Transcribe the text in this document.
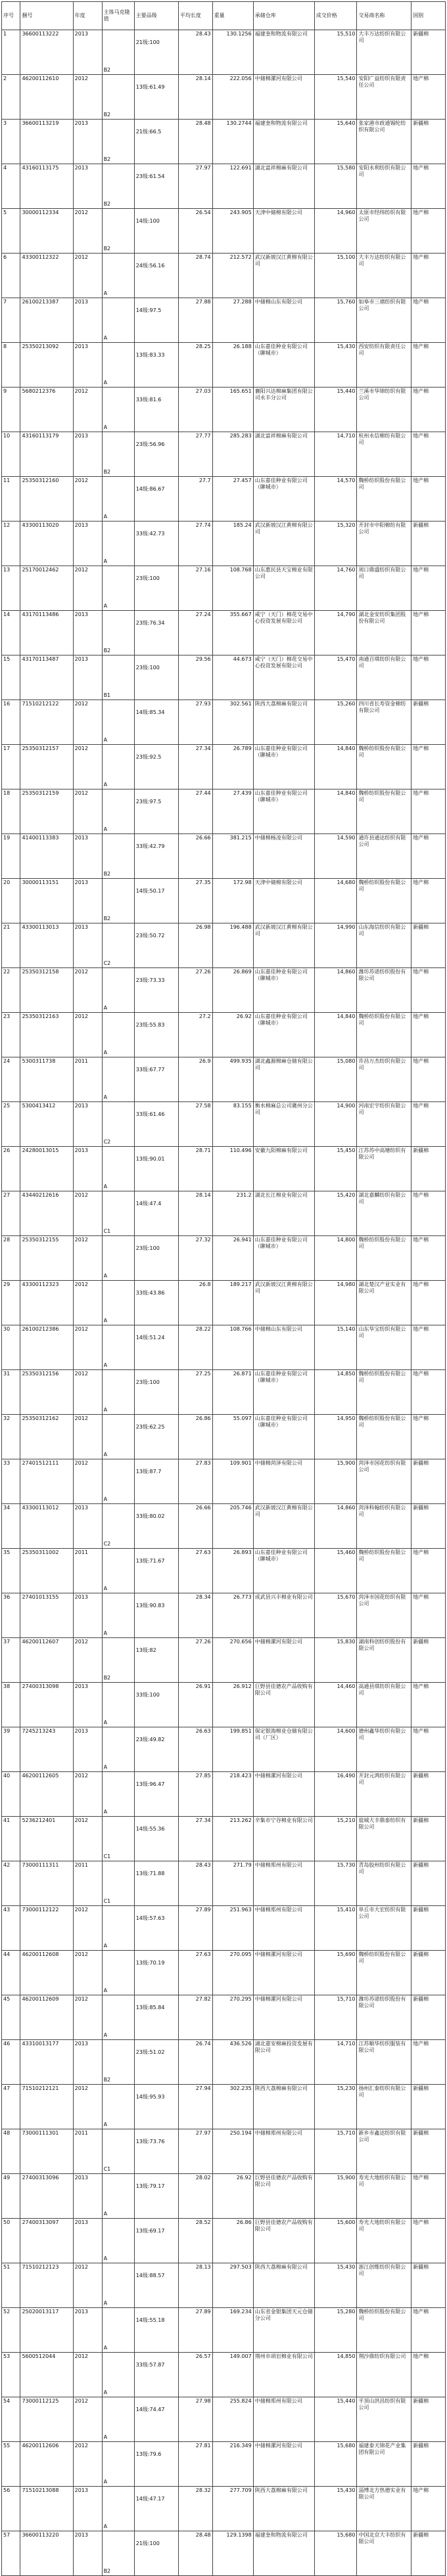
序号	捆号	年度	主体马克隆值	主要品级	平均长度	重量	承储仓库	成交价格	交易商名称	国别
1	36600113222	2013	B2	21级:100	28.43	130.1256	福建奎和物流有限公司	15,510	大丰万达纺织有限公司	新疆棉
2	46200112610	2012	B2	13级:61.49	28.14	222.056	中储棉漯河有限公司	15,540	安阳广益纺织有限责任公司	地产棉
3	36600113219	2013	B2	21级:66.5	28.48	130.2744	福建奎和物流有限公司	15,640	张家港市政通锡纶纺织有限公司	新疆棉
4	43160113175	2013	B2	23级:61.54	27.97	122.691	湖北富祥棉麻有限公司	15,580	安阳永利纺织有限公司	地产棉
5	30000112334	2012	B2	14级:100	26.54	243.905	天津中储棉有限公司	14,960	太原市经纬纺织有限公司	地产棉
6	43300112322	2012	A	24级:56.16	28.74	212.572	武汉新坡汉江黄棉有限公司	15,100	大丰万达纺织有限公司	地产棉
7	26100213387	2013	A	14级:97.5	27.88	27.288	中储棉山东有限公司	15,760	如皋市三禧纺织有限公司	地产棉
8	25350213092	2013	A	13级:83.33	28.25	26.188	山东嘉佳种业有限公司（聊城市）	15,430	西安纺织有限责任公司	地产棉
9	5680212376	2012	A	33级:81.6	27.03	165.651	襄阳兴达棉麻集团有限公司永丰分公司	15,440	兰溪市华锦纺织有限公司	地产棉
10	43160113179	2013	B2	23级:56.96	27.77	285.283	湖北富祥棉麻有限公司	14,710	杭州永信棉纺有限公司	地产棉
11	25350312160	2012	A	14级:86.67	27.7	27.457	山东嘉佳种业有限公司（聊城市）	14,570	魏桥纺织股份有限公司	地产棉
12	43300113020	2013	A	33级:42.73	27.74	185.24	武汉新坡汉江黄棉有限公司	15,320	开封市中阳棉纺有限公司	新疆棉
13	25170012462	2012	A	23级:100	27.16	108.768	山东惠民县天宝棉业有限公司	14,760	周口鼎盛纺织有限公司	地产棉
14	43170113486	2013	B2	23级:76.34	27.24	355.667	咸宁（天门）棉花交易中心投资发展有限公司	14,790	湖北金安纺织集团股份有限公司	地产棉
15	43170113487	2013	B1	23级:100	29.56	44.673	咸宁（天门）棉花交易中心投资发展有限公司	15,470	南通百琪纺织有限公司	地产棉
16	71510212122	2012	A	14级:85.34	27.93	302.561	陕西大荔棉麻有限公司	15,260	四川省长寿资金棉纺有限公司	新疆棉
17	25350312157	2012	A	23级:92.5	27.34	26.789	山东嘉佳种业有限公司（聊城市）	14,840	魏桥纺织股份有限公司	地产棉
18	25350312159	2012	A	23级:97.5	27.44	27.439	山东嘉佳种业有限公司（聊城市）	14,840	魏桥纺织股份有限公司	地产棉
19	41400113383	2013	B2	33级:42.79	26.66	381.215	中储棉杨凌有限公司	14,590	通许县通达纺织有限公司	地产棉
20	30000113151	2013	B2	14级:50.17	27.35	172.98	天津中储棉有限公司	14,680	魏桥纺织股份有限公司	地产棉
21	43300113013	2013	C2	23级:50.72	26.98	196.488	武汉新坡汉江黄棉有限公司	14,990	山东海信纺织有限公司	新疆棉
22	25350312158	2012	A	23级:73.33	27.26	26.869	山东嘉佳种业有限公司（聊城市）	14,860	潍坊苏诺纺织股份有限公司	地产棉
23	25350312163	2012	A	23级:55.83	27.2	26.92	山东嘉佳种业有限公司（聊城市）	14,840	魏桥纺织股份有限公司	地产棉
24	5300311738	2011	A	33级:67.77	26.9	499.935	湖北鑫源棉麻仓储有限公司	15,080	许昌万杰纺织有限公司	地产棉
25	5300413412	2013	C2	33级:61.46	27.58	83.155	衡水棉麻总公司冀州分公司	14,900	河南宏宇纺织有限公司	地产棉
26	24280013015	2013	A	13级:90.01	28.71	110.496	安徽九阳棉麻有限公司	15,450	江苏苏中高塘纺织有限公司	新疆棉
27	43440212616	2012	C1	14级:47.4	28.14	231.2	湖北长江棉业有限公司	15,420	湖北嘉麟纺织有限公司	地产棉
28	25350312155	2012	A	23级:100	27.32	26.941	山东嘉佳种业有限公司（聊城市）	14,800	魏桥纺织股份有限公司	地产棉
29	43300112323	2012	A	33级:43.86	26.8	189.217	武汉新坡汉江黄棉有限公司	14,980	湖北楚汉产业实业有限公司	地产棉
30	26100212386	2012	A	14级:51.24	28.22	108.766	中储棉山东有限公司	15,140	山东华宝纺织有限公司	地产棉
31	25350312156	2012	A	23级:100	27.25	26.871	山东嘉佳种业有限公司（聊城市）	14,850	魏桥纺织股份有限公司	地产棉
32	25350312162	2012	A	23级:62.25	26.86	55.097	山东嘉佳种业有限公司（聊城市）	14,950	魏桥纺织股份有限公司	地产棉
33	27401512111	2012	A	13级:87.7	27.83	109.901	中储棉菏泽有限公司	15,900	菏泽市国花纺织有限公司	新疆棉
34	43300113012	2013	C2	33级:80.02	26.66	205.746	武汉新坡汉江黄棉有限公司	14,860	菏泽科翰纺织有限公司	新疆棉
35	25350311002	2011	A	13级:71.67	27.63	26.893	山东嘉佳种业有限公司（聊城市）	15,460	魏桥纺织股份有限公司	地产棉
36	27401013155	2013	A	13级:90.83	28.34	26.773	成武县兴丰棉业有限公司	15,670	菏泽市国花纺织有限公司	地产棉
37	46200112607	2012	B2	13级:82	27.26	270.656	中储棉漯河有限公司	15,830	湖南科创纺织股份有限公司	新疆棉
38	27400313098	2013	A	33级:100	26.91	26.912	巨野县佳德农产品收购有限公司	14,460	高通县琪纺织有限公司	地产棉
39	7245213243	2013	A	23级:49.82	26.63	199.851	保定银海棉业仓储有限公司（厂区）	14,600	德州鑫华纺织有限公司	地产棉
40	46200112605	2012	A	13级:96.47	27.85	218.423	中储棉漯河有限公司	16,490	开封元鸿纺织有限公司	新疆棉
41	5236212401	2012	C1	14级:55.36	27.34	213.262	辛集市宁谷棉业有限公司	15,210	盐城大丰鼎泰纺织有限公司	新疆棉
42	73000111311	2011	C1	13级:71.88	28.43	271.79	中储棉郑州有限公司	15,730	青岛胶州纺织有限公司	新疆棉
43	73000112122	2012	A	14级:57.63	27.89	251.963	中储棉郑州有限公司	15,410	阜丘市大宏纺织有限公司	新疆棉
44	46200112608	2012	A	13级:70.19	27.63	270.095	中储棉漯河有限公司	15,690	魏桥纺织股份有限公司	新疆棉
45	46200112609	2012	A	13级:85.84	27.82	270.295	中储棉漯河有限公司	15,710	潍坊苏诺纺织股份有限公司	新疆棉
46	43310013177	2013	B2	23级:51.02	26.74	436.526	湖北嘉安棉麻投资发展有限公司	14,710	江苏顺华纺织服装有限公司	地产棉
47	71510212121	2012	A	14级:95.93	27.94	302.235	陕西大荔棉麻有限公司	15,230	扬州汇泰纺织有限公司	新疆棉
48	73000111301	2011	C1	13级:73.76	27.97	250.194	中储棉郑州有限公司	15,710	新乡市鑫达纺织有限公司	新疆棉
49	27400313096	2013	A	13级:79.17	28.02	26.92	巨野县佳德农产品收购有限公司	15,900	寿光大地纺织有限公司	地产棉
50	27400313097	2013	A	13级:69.17	28.52	26.86	巨野县佳德农产品收购有限公司	15,600	寿光大地纺织有限公司	地产棉
51	71510212123	2012	A	14级:88.57	28.13	297.503	陕西大荔棉麻有限公司	15,430	浙江创维纺织有限公司	新疆棉
52	25020013117	2013	A	14级:55.18	27.89	169.234	山东省金银集团天元仓储分公司	15,280	魏桥纺织股份有限公司	地产棉
53	5600512044	2012	A	33级:57.87	26.57	149.007	荆州市胡岩棉业有限公司	14,850	荆沙鼎纺织有限公司	地产棉
54	73000112125	2012	A	14级:74.47	27.98	255.824	中储棉郑州有限公司	15,440	平顶山洪昌纺织有限公司	新疆棉
55	46200112606	2012	A	13级:79.6	27.81	216.349	中储棉漯河有限公司	15,680	福建泰天锦花产业集团有限公司	新疆棉
56	71510213088	2013	A	14级:47.17	28.32	277.709	陕西大荔棉麻有限公司	15,430	淄博北方热德实业有限公司	地产棉
57	36600113220	2013	B2	21级:100	28.48	129.1398	福建奎和物流有限公司	15,680	中国北京大丰纺织有限公司	新疆棉
